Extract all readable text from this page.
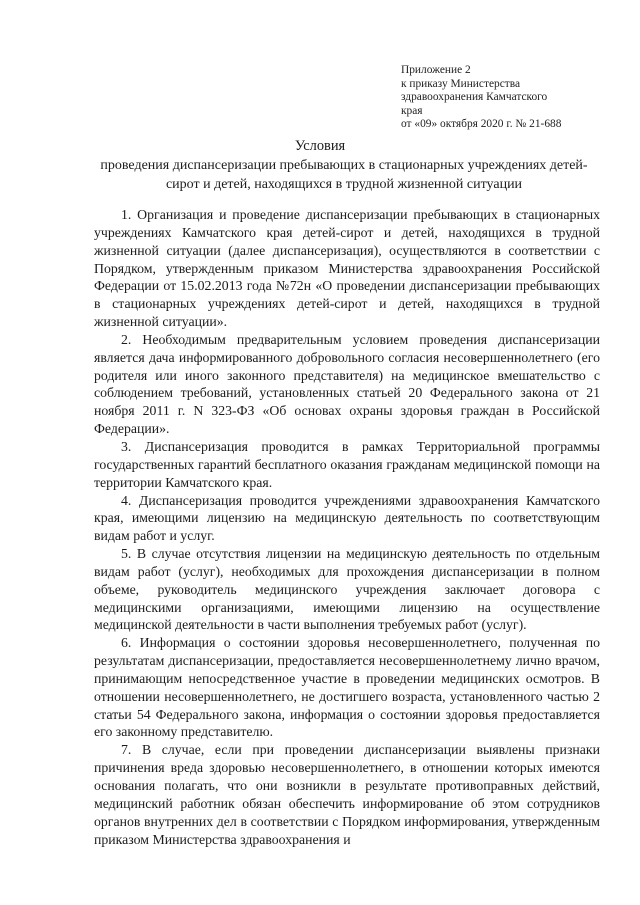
Приложение 2
к приказу Министерства
здравоохранения Камчатского
края
от «09» октября 2020 г. № 21-688
Условия
проведения диспансеризации пребывающих в стационарных учреждениях детей-сирот и детей, находящихся в трудной жизненной ситуации

1. Организация и проведение диспансеризации пребывающих в стационарных учреждениях Камчатского края детей-сирот и детей, находящихся в трудной жизненной ситуации (далее диспансеризация), осуществляются в соответствии с Порядком, утвержденным приказом Министерства здравоохранения Российской Федерации от 15.02.2013 года №72н «О проведении диспансеризации пребывающих в стационарных учреждениях детей-сирот и детей, находящихся в трудной жизненной ситуации».

2. Необходимым предварительным условием проведения диспансеризации является дача информированного добровольного согласия несовершеннолетнего (его родителя или иного законного представителя) на медицинское вмешательство с соблюдением требований, установленных статьей 20 Федерального закона от 21 ноября 2011 г. N 323-ФЗ «Об основах охраны здоровья граждан в Российской Федерации».

3. Диспансеризация проводится в рамках Территориальной программы государственных гарантий бесплатного оказания гражданам медицинской помощи на территории Камчатского края.

4. Диспансеризация проводится учреждениями здравоохранения Камчатского края, имеющими лицензию на медицинскую деятельность по соответствующим видам работ и услуг.

5. В случае отсутствия лицензии на медицинскую деятельность по отдельным видам работ (услуг), необходимых для прохождения диспансеризации в полном объеме, руководитель медицинского учреждения заключает договора с медицинскими организациями, имеющими лицензию на осуществление медицинской деятельности в части выполнения требуемых работ (услуг).

6. Информация о состоянии здоровья несовершеннолетнего, полученная по результатам диспансеризации, предоставляется несовершеннолетнему лично врачом, принимающим непосредственное участие в проведении медицинских осмотров. В отношении несовершеннолетнего, не достигшего возраста, установленного частью 2 статьи 54 Федерального закона, информация о состоянии здоровья предоставляется его законному представителю.

7. В случае, если при проведении диспансеризации выявлены признаки причинения вреда здоровью несовершеннолетнего, в отношении которых имеются основания полагать, что они возникли в результате противоправных действий, медицинский работник обязан обеспечить информирование об этом сотрудников органов внутренних дел в соответствии с Порядком информирования, утвержденным приказом Министерства здравоохранения и
